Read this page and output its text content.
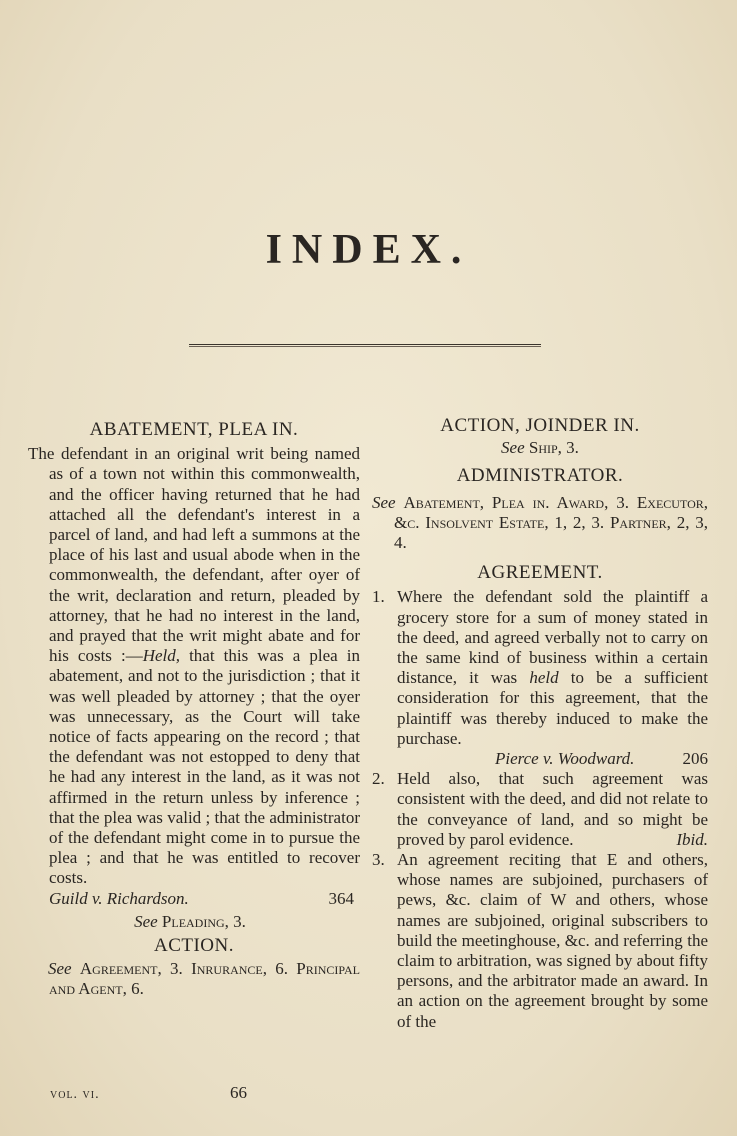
INDEX.

ABATEMENT, PLEA IN.

The defendant in an original writ being named as of a town not within this commonwealth, and the officer having returned that he had attached all the defendant's interest in a parcel of land, and had left a summons at the place of his last and usual abode when in the commonwealth, the defendant, after oyer of the writ, declaration and return, pleaded by attorney, that he had no interest in the land, and prayed that the writ might abate and for his costs :—Held, that this was a plea in abatement, and not to the jurisdiction ; that it was well pleaded by attorney ; that the oyer was unnecessary, as the Court will take notice of facts appearing on the record ; that the defendant was not estopped to deny that he had any interest in the land, as it was not affirmed in the return unless by inference ; that the plea was valid ; that the administrator of the defendant might come in to pursue the plea ; and that he was entitled to recover costs.

Guild v. Richardson.	364

See Pleading, 3.

ACTION.

See Agreement, 3. Inrurance, 6. Principal and Agent, 6.

ACTION, JOINDER IN.

See Ship, 3.

ADMINISTRATOR.

See Abatement, Plea in. Award, 3. Executor, &c. Insolvent Estate, 1, 2, 3. Partner, 2, 3, 4.

AGREEMENT.

1. Where the defendant sold the plaintiff a grocery store for a sum of money stated in the deed, and agreed verbally not to carry on the same kind of business within a certain distance, it was held to be a sufficient consideration for this agreement, that the plaintiff was thereby induced to make the purchase.
Pierce v. Woodward.	206
2. Held also, that such agreement was consistent with the deed, and did not relate to the conveyance of land, and so might be proved by parol evidence.	Ibid.
3. An agreement reciting that E and others, whose names are subjoined, purchasers of pews, &c. claim of W and others, whose names are subjoined, original subscribers to build the meetinghouse, &c. and referring the claim to arbitration, was signed by about fifty persons, and the arbitrator made an award. In an action on the agreement brought by some of the
vol. vi.	66
